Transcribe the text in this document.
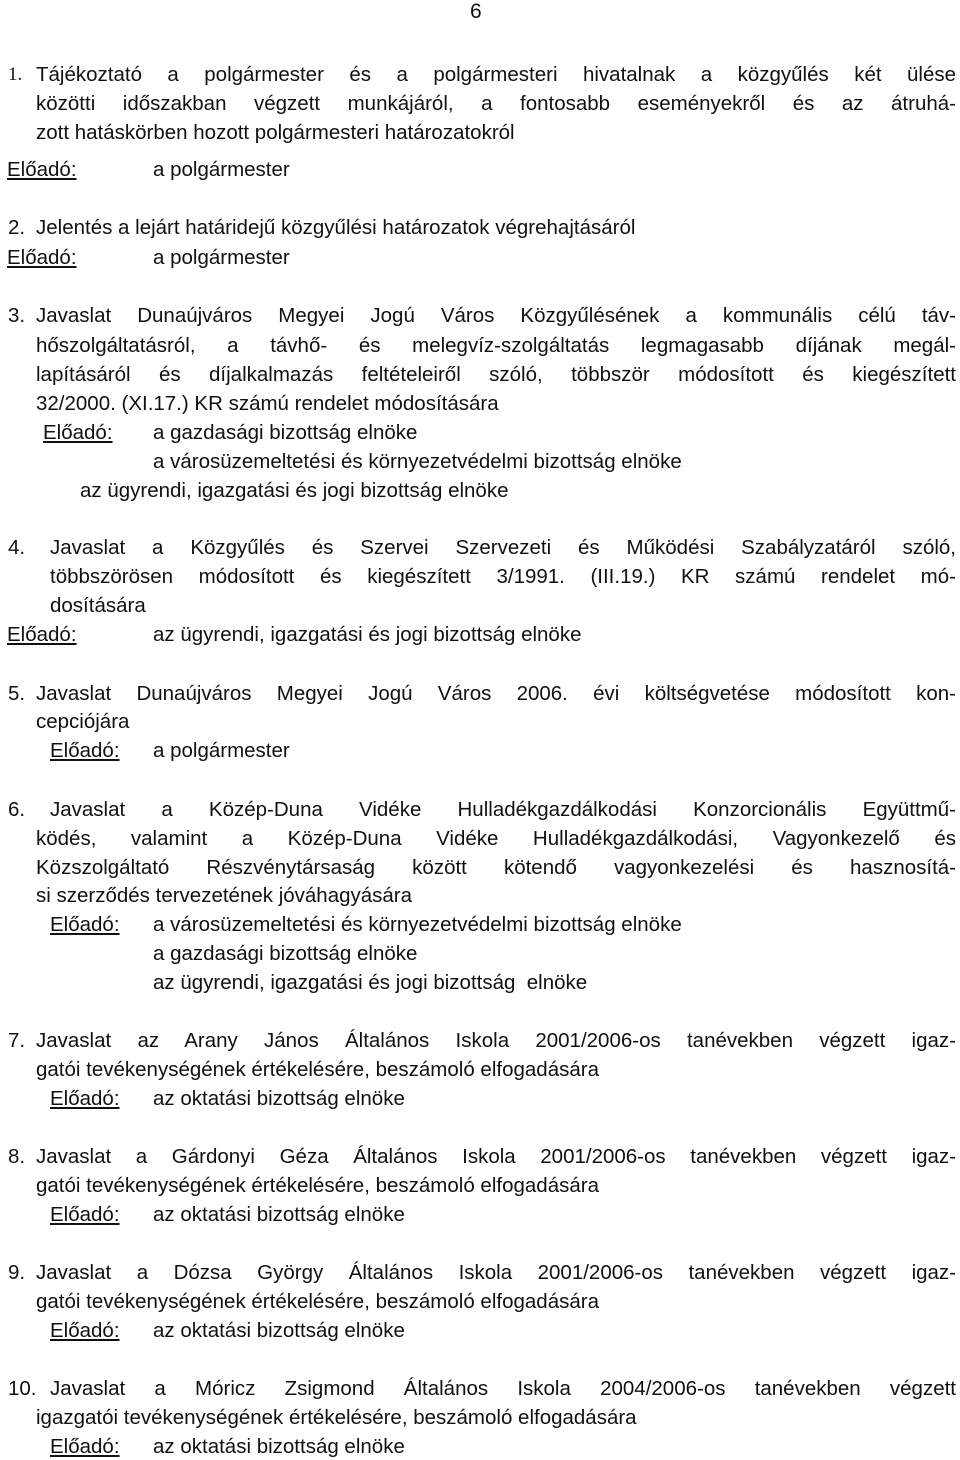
6
1. Tájékoztató a polgármester és a polgármesteri hivatalnak a közgyűlés két ülése
közötti időszakban végzett munkájáról, a fontosabb eseményekről és az átruhá-
zott hatáskörben hozott polgármesteri határozatokról
Előadó:	a polgármester
2. Jelentés a lejárt határidejű közgyűlési határozatok végrehajtásáról
Előadó:	a polgármester
3. Javaslat Dunaújváros Megyei Jogú Város Közgyűlésének a kommunális célú táv-
hőszolgáltatásról, a távhő- és melegvíz-szolgáltatás legmagasabb díjának megál-
lapításáról és díjalkalmazás feltételeiről szóló, többször módosított és kiegészített
32/2000. (XI.17.) KR számú rendelet módosítására
Előadó: a gazdasági bizottság elnöke
a városüzemeltetési és környezetvédelmi bizottság elnöke
az ügyrendi, igazgatási és jogi bizottság elnöke
4. Javaslat a Közgyűlés és Szervei Szervezeti és Működési Szabályzatáról szóló,
többszörösen módosított és kiegészített 3/1991. (III.19.) KR számú rendelet mó-
dosítására
Előadó:	az ügyrendi, igazgatási és jogi bizottság elnöke
5. Javaslat Dunaújváros Megyei Jogú Város 2006. évi költségvetése módosított kon-
cepciójára
Előadó: a polgármester
6. Javaslat a Közép-Duna Vidéke Hulladékgazdálkodási Konzorcionális Együttmű-
ködés, valamint a Közép-Duna Vidéke Hulladékgazdálkodási, Vagyonkezelő és
Közszolgáltató Részvénytársaság között kötendő vagyonkezelési és hasznosítá-
si szerződés tervezetének jóváhagyására
Előadó: a városüzemeltetési és környezetvédelmi bizottság elnöke
a gazdasági bizottság elnöke
az ügyrendi, igazgatási és jogi bizottság  elnöke
7. Javaslat az Arany János Általános Iskola 2001/2006-os tanévekben végzett igaz-
gatói tevékenységének értékelésére, beszámoló elfogadására
Előadó: az oktatási bizottság elnöke
8. Javaslat a Gárdonyi Géza Általános Iskola 2001/2006-os tanévekben végzett igaz-
gatói tevékenységének értékelésére, beszámoló elfogadására
Előadó: az oktatási bizottság elnöke
9. Javaslat a Dózsa György Általános Iskola 2001/2006-os tanévekben végzett igaz-
gatói tevékenységének értékelésére, beszámoló elfogadására
Előadó: az oktatási bizottság elnöke
10. Javaslat a Móricz Zsigmond Általános Iskola 2004/2006-os tanévekben végzett
igazgatói tevékenységének értékelésére, beszámoló elfogadására
Előadó: az oktatási bizottság elnöke
